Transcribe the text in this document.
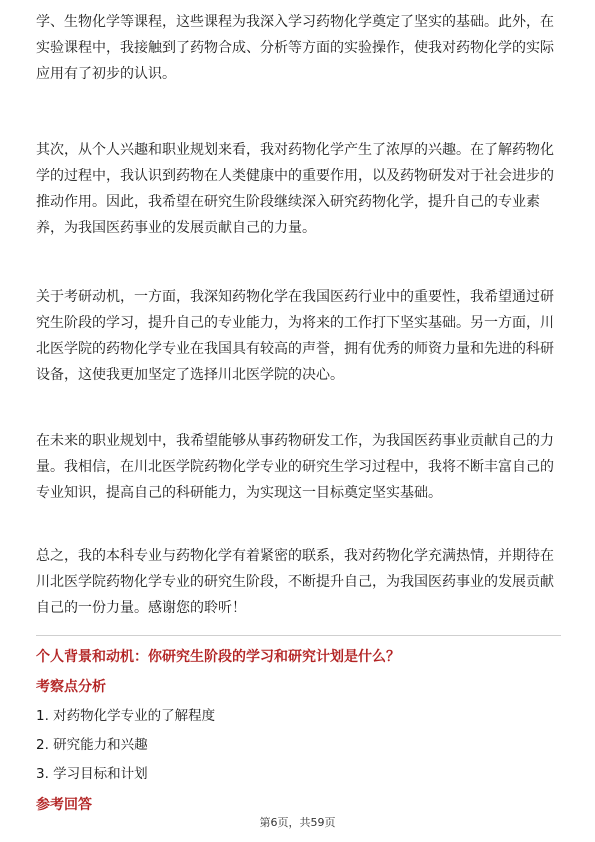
学、生物化学等课程，这些课程为我深入学习药物化学奠定了坚实的基础。此外，在实验课程中，我接触到了药物合成、分析等方面的实验操作，使我对药物化学的实际应用有了初步的认识。

其次，从个人兴趣和职业规划来看，我对药物化学产生了浓厚的兴趣。在了解药物化学的过程中，我认识到药物在人类健康中的重要作用，以及药物研发对于社会进步的推动作用。因此，我希望在研究生阶段继续深入研究药物化学，提升自己的专业素养，为我国医药事业的发展贡献自己的力量。

关于考研动机，一方面，我深知药物化学在我国医药行业中的重要性，我希望通过研究生阶段的学习，提升自己的专业能力，为将来的工作打下坚实基础。另一方面，川北医学院的药物化学专业在我国具有较高的声誉，拥有优秀的师资力量和先进的科研设备，这使我更加坚定了选择川北医学院的决心。

在未来的职业规划中，我希望能够从事药物研发工作，为我国医药事业贡献自己的力量。我相信，在川北医学院药物化学专业的研究生学习过程中，我将不断丰富自己的专业知识，提高自己的科研能力，为实现这一目标奠定坚实基础。

总之，我的本科专业与药物化学有着紧密的联系，我对药物化学充满热情，并期待在川北医学院药物化学专业的研究生阶段，不断提升自己，为我国医药事业的发展贡献自己的一份力量。感谢您的聆听！

个人背景和动机：你研究生阶段的学习和研究计划是什么？

考察点分析

1. 对药物化学专业的了解程度
2. 研究能力和兴趣
3. 学习目标和计划

参考回答

第6页，共59页
